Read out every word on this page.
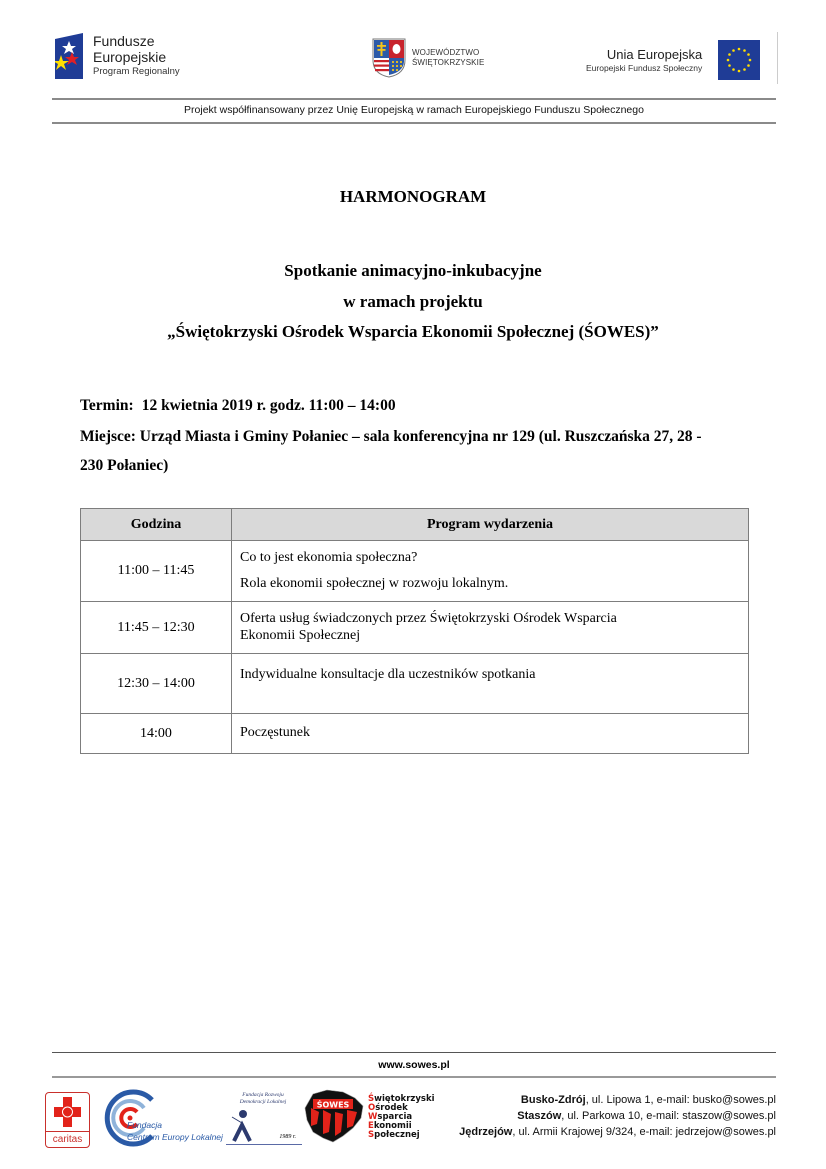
Fundusze
Europejskie
Program Regionalny
WOJEWÓDZTWO
ŚWIĘTOKRZYSKIE
Unia Europejska
Europejski Fundusz Społeczny
Projekt współfinansowany przez Unię Europejską w ramach Europejskiego Funduszu Społecznego
HARMONOGRAM
Spotkanie animacyjno-inkubacyjne
w ramach projektu
„Świętokrzyski Ośrodek Wsparcia Ekonomii Społecznej (ŚOWES)”
Termin: 12 kwietnia 2019 r. godz. 11:00 – 14:00
Miejsce: Urząd Miasta i Gminy Połaniec – sala konferencyjna nr 129 (ul. Ruszczańska 27, 28 -
230 Połaniec)
Godzina	Program wydarzenia
11:00 – 11:45	Co to jest ekonomia społeczna?

Rola ekonomii społecznej w rozwoju lokalnym.

11:45 – 12:30	Oferta usług świadczonych przez Świętokrzyski Ośrodek Wsparcia
Ekonomii Społecznej

12:30 – 14:00	Indywidualne konsultacje dla uczestników spotkania

14:00	Poczęstunek
www.sowes.pl
caritas
Fundacja
Centrum Europy Lokalnej
Fundacja Rozwoju
Demokracji Lokalnej
1989 r.
ŚOWES
Świętokrzyski
Ośrodek
Wsparcia
Ekonomii
Społecznej
Busko-Zdrój, ul. Lipowa 1, e-mail: busko@sowes.pl
Staszów, ul. Parkowa 10, e-mail: staszow@sowes.pl
Jędrzejów, ul. Armii Krajowej 9/324, e-mail: jedrzejow@sowes.pl
